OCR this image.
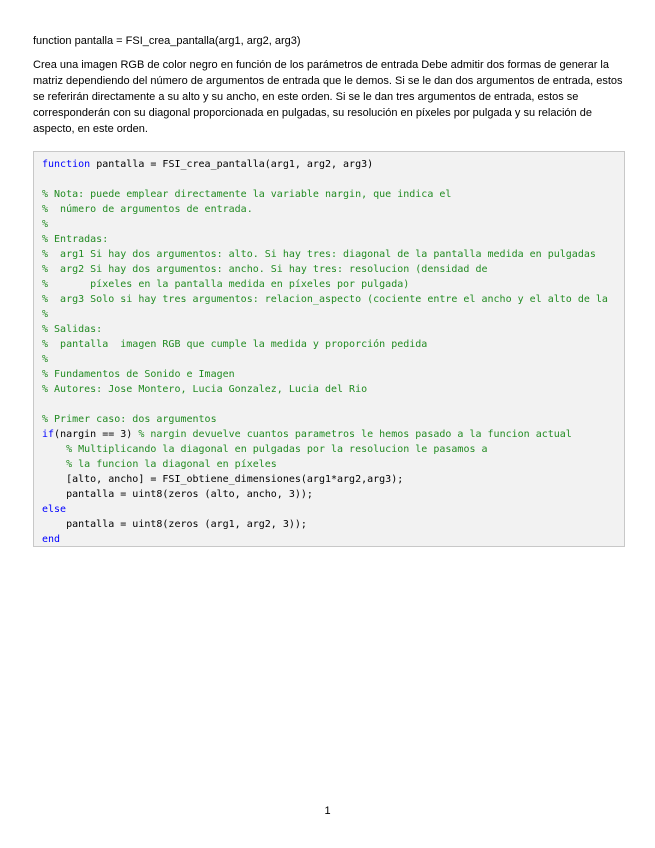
function pantalla = FSI_crea_pantalla(arg1, arg2, arg3)

Crea una imagen RGB de color negro en función de los parámetros de entrada Debe admitir dos formas de generar la matriz dependiendo del número de argumentos de entrada que le demos. Si se le dan dos argumentos de entrada, estos se referirán directamente a su alto y su ancho, en este orden. Si se le dan tres argumentos de entrada, estos se corresponderán con su diagonal proporcionada en pulgadas, su resolución en píxeles por pulgada y su relación de aspecto, en este orden.

function pantalla = FSI_crea_pantalla(arg1, arg2, arg3)
% Nota: puede emplear directamente la variable nargin, que indica el
%  número de argumentos de entrada.
%
% Entradas:
%  arg1 Si hay dos argumentos: alto. Si hay tres: diagonal de la pantalla medida en pulgadas
%  arg2 Si hay dos argumentos: ancho. Si hay tres: resolucion (densidad de
%       píxeles en la pantalla medida en píxeles por pulgada)
%  arg3 Solo si hay tres argumentos: relacion_aspecto (cociente entre el ancho y el alto de la
%
% Salidas:
%  pantalla  imagen RGB que cumple la medida y proporción pedida
%
% Fundamentos de Sonido e Imagen
% Autores: Jose Montero, Lucia Gonzalez, Lucia del Rio
% Primer caso: dos argumentos
if(nargin == 3) % nargin devuelve cuantos parametros le hemos pasado a la funcion actual
% Multiplicando la diagonal en pulgadas por la resolucion le pasamos a
% la funcion la diagonal en píxeles
[alto, ancho] = FSI_obtiene_dimensiones(arg1*arg2,arg3);
pantalla = uint8(zeros (alto, ancho, 3));
else
pantalla = uint8(zeros (arg1, arg2, 3));
end
1
